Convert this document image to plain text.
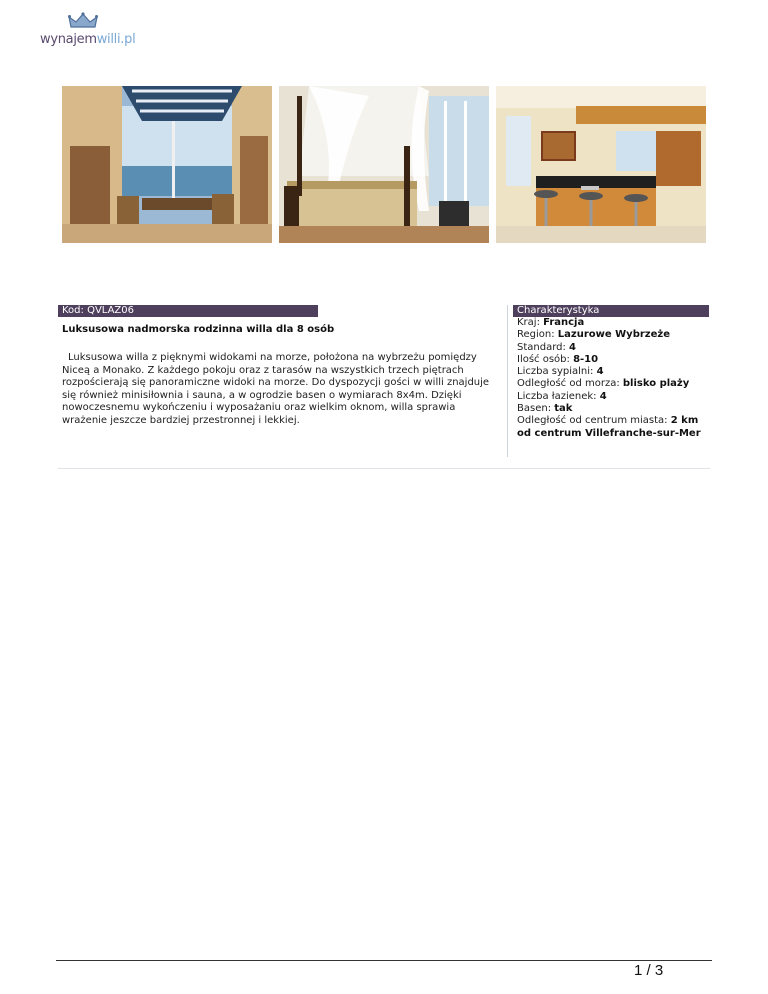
wynajemwilli.pl
Kod: QVLAZ06
Luksusowa nadmorska rodzinna willa dla 8 osób
Luksusowa willa z pięknymi widokami na morze, położona na wybrzeżu pomiędzy Niceą a Monako. Z każdego pokoju oraz z tarasów na wszystkich trzech piętrach rozpościerają się panoramiczne widoki na morze. Do dyspozycji gości w willi znajduje się również minisiłownia i sauna, a w ogrodzie basen o wymiarach 8x4m. Dzięki nowoczesnemu wykończeniu i wyposażaniu oraz wielkim oknom, willa sprawia wrażenie jeszcze bardziej przestronnej i lekkiej.
Charakterystyka
Kraj: Francja
Region: Lazurowe Wybrzeże
Standard: 4
Ilość osób: 8-10
Liczba sypialni: 4
Odległość od morza: blisko plaży
Liczba łazienek: 4
Basen: tak
Odległość od centrum miasta: 2 km od centrum Villefranche-sur-Mer
1 / 3
